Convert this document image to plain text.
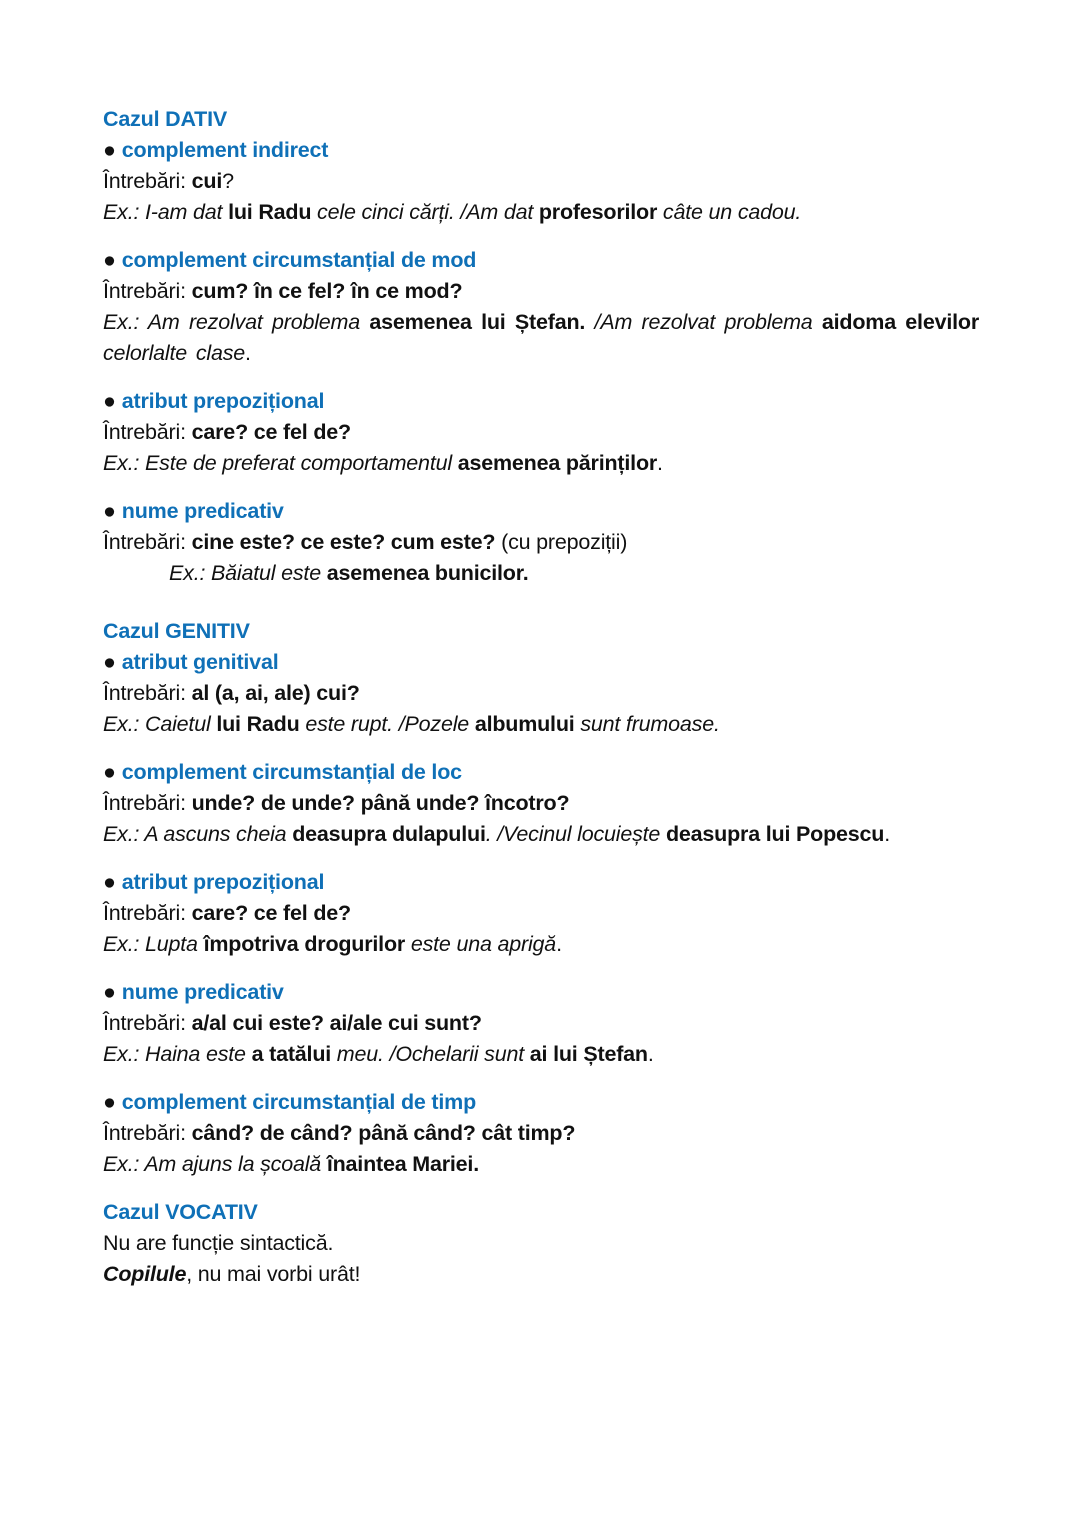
Cazul DATIV
● complement indirect
Întrebări: cui?
Ex.: I-am dat lui Radu cele cinci cărți. /Am dat profesorilor câte un cadou.
● complement circumstanțial de mod
Întrebări: cum? în ce fel? în ce mod?
Ex.: Am rezolvat problema asemenea lui Ștefan. /Am rezolvat problema aidoma elevilor celorlalte clase.
● atribut prepozițional
Întrebări: care? ce fel de?
Ex.: Este de preferat comportamentul asemenea părinților.
● nume predicativ
Întrebări: cine este? ce este? cum este? (cu prepoziții)
Ex.: Băiatul este asemenea bunicilor.
Cazul GENITIV
● atribut genitival
Întrebări: al (a, ai, ale) cui?
Ex.: Caietul lui Radu este rupt. /Pozele albumului sunt frumoase.
● complement circumstanțial de loc
Întrebări: unde? de unde? până unde? încotro?
Ex.: A ascuns cheia deasupra dulapului. /Vecinul locuiește deasupra lui Popescu.
● atribut prepozițional
Întrebări: care? ce fel de?
Ex.: Lupta împotriva drogurilor este una aprigă.
● nume predicativ
Întrebări: a/al cui este? ai/ale cui sunt?
Ex.: Haina este a tatălui meu. /Ochelarii sunt ai lui Ștefan.
● complement circumstanțial de timp
Întrebări: când? de când? până când? cât timp?
Ex.: Am ajuns la școală înaintea Mariei.
Cazul VOCATIV
Nu are funcție sintactică.
Copilule, nu mai vorbi urât!
